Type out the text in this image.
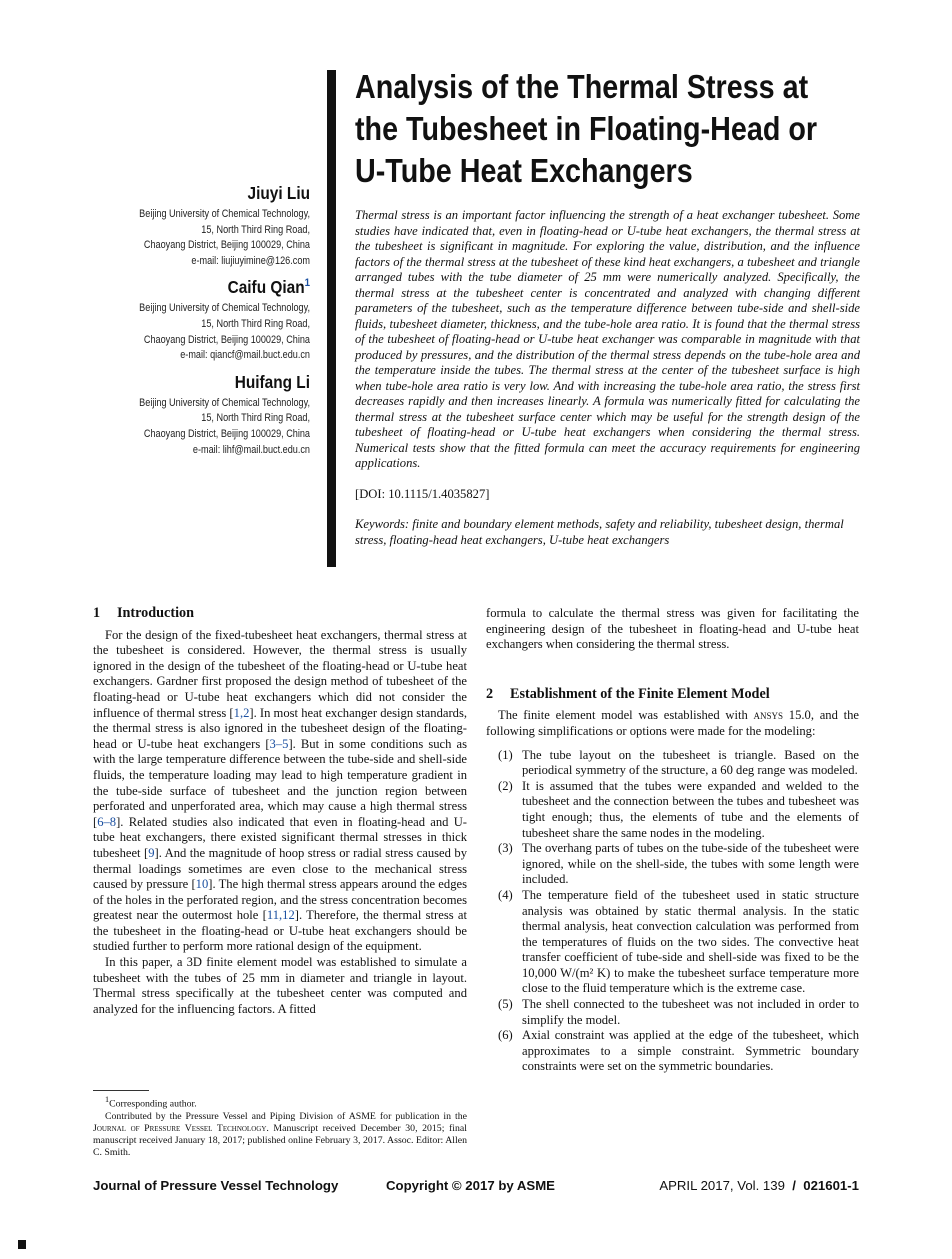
Jiuyi Liu
Beijing University of Chemical Technology,
15, North Third Ring Road,
Chaoyang District, Beijing 100029, China
e-mail: liujiuyimine@126.com
Caifu Qian$^1$
Beijing University of Chemical Technology,
15, North Third Ring Road,
Chaoyang District, Beijing 100029, China
e-mail: qiancf@mail.buct.edu.cn
Huifang Li
Beijing University of Chemical Technology,
15, North Third Ring Road,
Chaoyang District, Beijing 100029, China
e-mail: lihf@mail.buct.edu.cn
Analysis of the Thermal Stress at the Tubesheet in Floating-Head or U-Tube Heat Exchangers
Thermal stress is an important factor influencing the strength of a heat exchanger tubesheet. Some studies have indicated that, even in floating-head or U-tube heat exchangers, the thermal stress at the tubesheet is significant in magnitude. For exploring the value, distribution, and the influence factors of the thermal stress at the tubesheet of these kind heat exchangers, a tubesheet and triangle arranged tubes with the tube diameter of 25 mm were numerically analyzed. Specifically, the thermal stress at the tubesheet center is concentrated and analyzed with changing different parameters of the tubesheet, such as the temperature difference between tube-side and shell-side fluids, tubesheet diameter, thickness, and the tube-hole area ratio. It is found that the thermal stress of the tubesheet of floating-head or U-tube heat exchanger was comparable in magnitude with that produced by pressures, and the distribution of the thermal stress depends on the tube-hole area and the temperature inside the tubes. The thermal stress at the center of the tubesheet surface is high when tube-hole area ratio is very low. And with increasing the tube-hole area ratio, the stress first decreases rapidly and then increases linearly. A formula was numerically fitted for calculating the thermal stress at the tubesheet surface center which may be useful for the strength design of the tubesheet of floating-head or U-tube heat exchangers when considering the thermal stress. Numerical tests show that the fitted formula can meet the accuracy requirements for engineering applications.
[DOI: 10.1115/1.4035827]
Keywords: finite and boundary element methods, safety and reliability, tubesheet design, thermal stress, floating-head heat exchangers, U-tube heat exchangers
1 Introduction

For the design of the fixed-tubesheet heat exchangers, thermal stress at the tubesheet is considered. However, the thermal stress is usually ignored in the design of the tubesheet of the floating-head or U-tube heat exchangers. Gardner first proposed the design method of tubesheet of the floating-head or U-tube heat exchangers which did not consider the influence of thermal stress [1,2]. In most heat exchanger design standards, the thermal stress is also ignored in the tubesheet design of the floating-head or U-tube heat exchangers [3–5]. But in some conditions such as with the large temperature difference between the tube-side and shell-side fluids, the temperature loading may lead to high temperature gradient in the tube-side surface of tubesheet and the junction region between perforated and unperforated area, which may cause a high thermal stress [6–8]. Related studies also indicated that even in floating-head and U-tube heat exchangers, there existed significant thermal stresses in thick tubesheet [9]. And the magnitude of hoop stress or radial stress caused by thermal loadings sometimes are even close to the mechanical stress caused by pressure [10]. The high thermal stress appears around the edges of the holes in the perforated region, and the stress concentration becomes greatest near the outermost hole [11,12]. Therefore, the thermal stress at the tubesheet in the floating-head or U-tube heat exchangers should be studied further to perform more rational design of the equipment.

In this paper, a 3D finite element model was established to simulate a tubesheet with the tubes of 25 mm in diameter and triangle in layout. Thermal stress specifically at the tubesheet center was computed and analyzed for the influencing factors. A fitted

formula to calculate the thermal stress was given for facilitating the engineering design of the tubesheet in floating-head and U-tube heat exchangers when considering the thermal stress.

2 Establishment of the Finite Element Model

The finite element model was established with ansys 15.0, and the following simplifications or options were made for the modeling:

(1) The tube layout on the tubesheet is triangle. Based on the periodical symmetry of the structure, a 60 deg range was modeled.
(2) It is assumed that the tubes were expanded and welded to the tubesheet and the connection between the tubes and tubesheet was tight enough; thus, the elements of tube and the elements of tubesheet share the same nodes in the modeling.
(3) The overhang parts of tubes on the tube-side of the tubesheet were ignored, while on the shell-side, the tubes with some length were included.
(4) The temperature field of the tubesheet used in static structure analysis was obtained by static thermal analysis. In the static thermal analysis, heat convection calculation was performed from the temperatures of fluids on the two sides. The convective heat transfer coefficient of tube-side and shell-side was fixed to be the 10,000 W/(m² K) to make the tubesheet surface temperature more close to the fluid temperature which is the extreme case.
(5) The shell connected to the tubesheet was not included in order to simplify the model.
(6) Axial constraint was applied at the edge of the tubesheet, which approximates to a simple constraint. Symmetric boundary constraints were set on the symmetric boundaries.

$^1$Corresponding author.

Contributed by the Pressure Vessel and Piping Division of ASME for publication in the Journal of Pressure Vessel Technology. Manuscript received December 30, 2015; final manuscript received January 18, 2017; published online February 3, 2017. Assoc. Editor: Allen C. Smith.

Journal of Pressure Vessel Technology	Copyright © 2017 by ASME	APRIL 2017, Vol. 139 / 021601-1
